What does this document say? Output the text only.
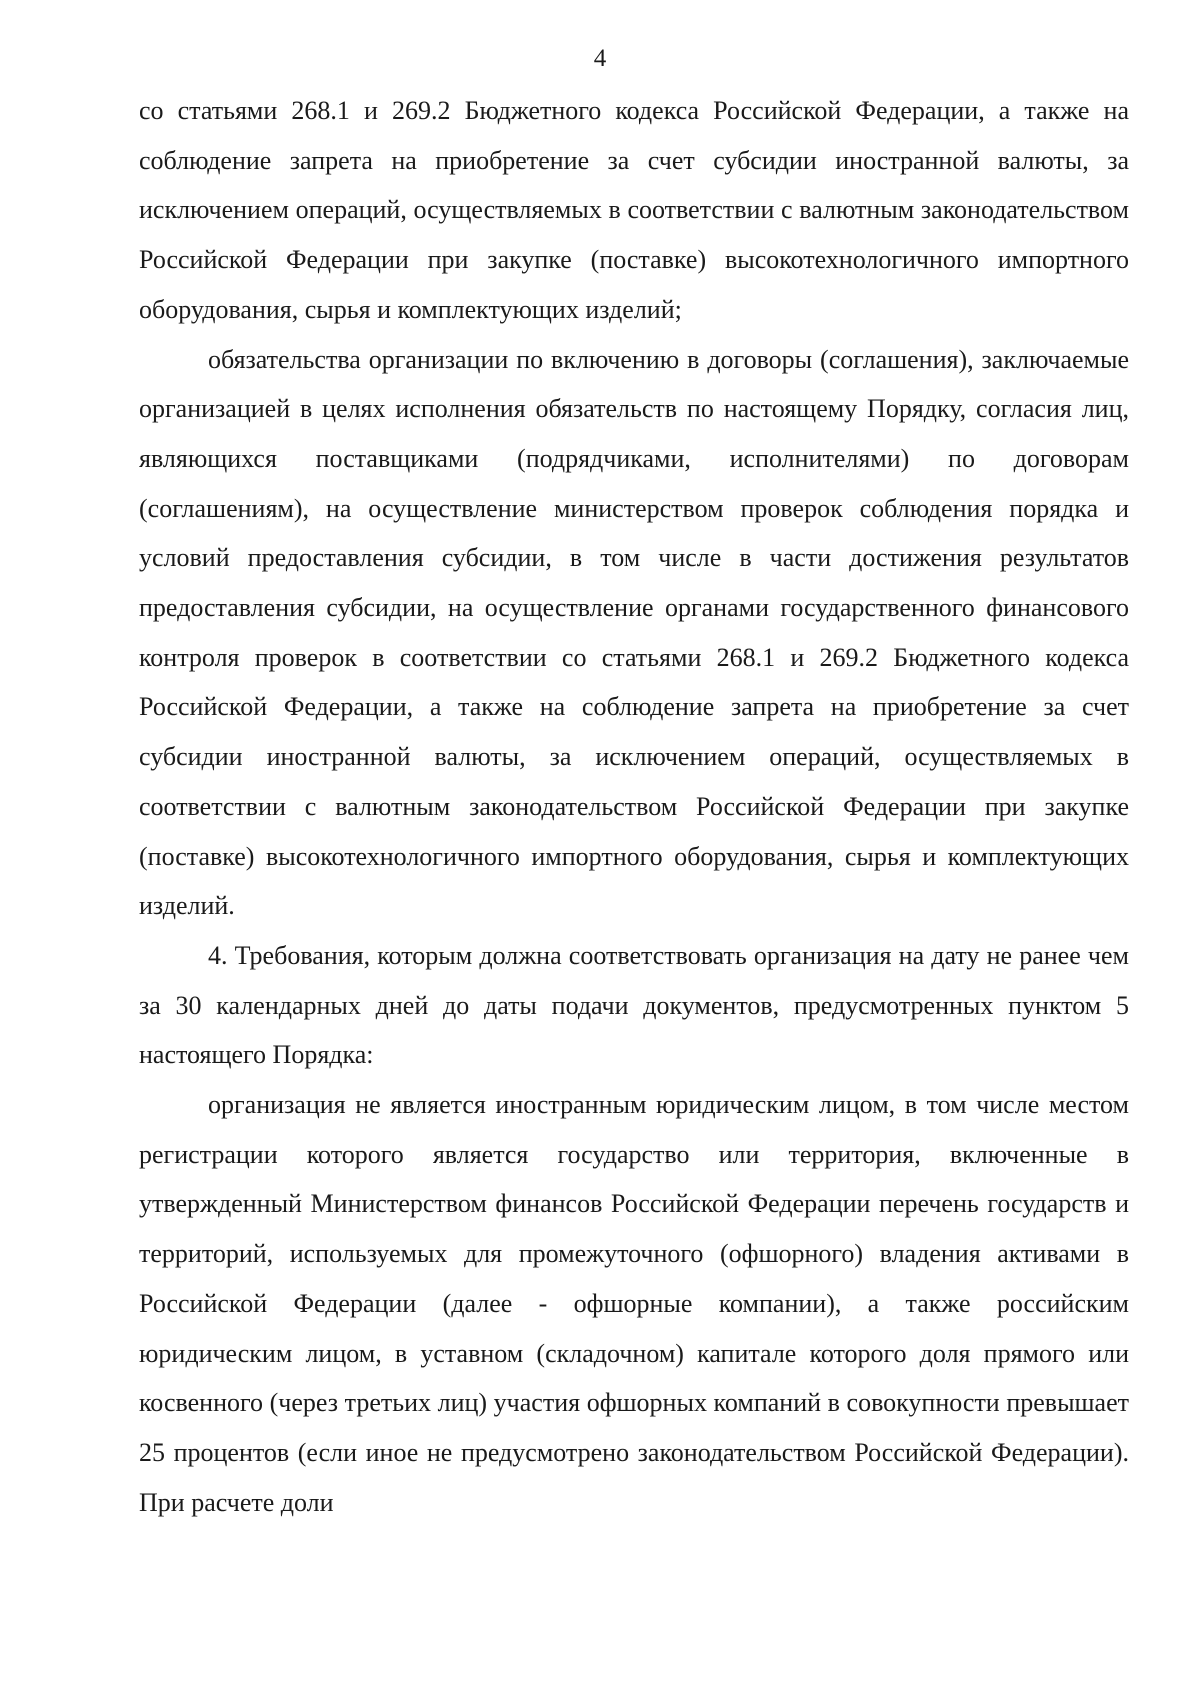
4

со статьями 268.1 и 269.2 Бюджетного кодекса Российской Федерации, а также на соблюдение запрета на приобретение за счет субсидии иностранной валюты, за исключением операций, осуществляемых в соответствии с валютным законодательством Российской Федерации при закупке (поставке) высокотехнологичного импортного оборудования, сырья и комплектующих изделий;

обязательства организации по включению в договоры (соглашения), заключаемые организацией в целях исполнения обязательств по настоящему Порядку, согласия лиц, являющихся поставщиками (подрядчиками, исполнителями) по договорам (соглашениям), на осуществление министерством проверок соблюдения порядка и условий предоставления субсидии, в том числе в части достижения результатов предоставления субсидии, на осуществление органами государственного финансового контроля проверок в соответствии со статьями 268.1 и 269.2 Бюджетного кодекса Российской Федерации, а также на соблюдение запрета на приобретение за счет субсидии иностранной валюты, за исключением операций, осуществляемых в соответствии с валютным законодательством Российской Федерации при закупке (поставке) высокотехнологичного импортного оборудования, сырья и комплектующих изделий.

4. Требования, которым должна соответствовать организация на дату не ранее чем за 30 календарных дней до даты подачи документов, предусмотренных пунктом 5 настоящего Порядка:

организация не является иностранным юридическим лицом, в том числе местом регистрации которого является государство или территория, включенные в утвержденный Министерством финансов Российской Федерации перечень государств и территорий, используемых для промежуточного (офшорного) владения активами в Российской Федерации (далее - офшорные компании), а также российским юридическим лицом, в уставном (складочном) капитале которого доля прямого или косвенного (через третьих лиц) участия офшорных компаний в совокупности превышает 25 процентов (если иное не предусмотрено законодательством Российской Федерации). При расчете доли
